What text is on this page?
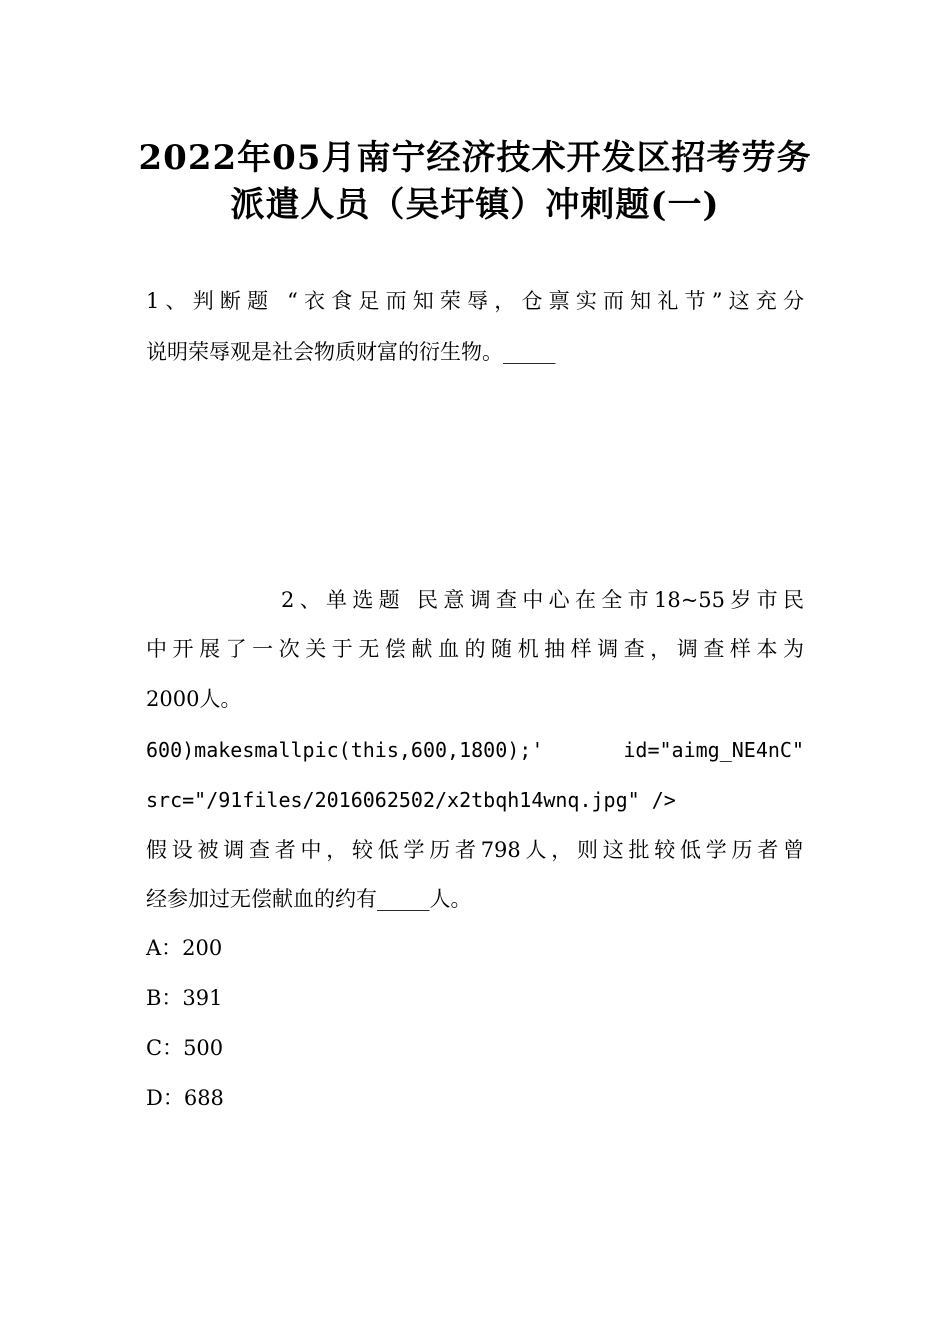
2022年05月南宁经济技术开发区招考劳务
派遣人员（吴圩镇）冲刺题(一)
1、判断题 “衣食足而知荣辱，仓禀实而知礼节”这充分
说明荣辱观是社会物质财富的衍生物。_____
2、单选题 民意调查中心在全市18~55岁市民
中开展了一次关于无偿献血的随机抽样调查，调查样本为
2000人。
600)makesmallpic(this,600,1800);'	id="aimg_NE4nC"
src="/91files/2016062502/x2tbqh14wnq.jpg" />
假设被调查者中，较低学历者798人，则这批较低学历者曾
经参加过无偿献血的约有_____人。
A：200
B：391
C：500
D：688
